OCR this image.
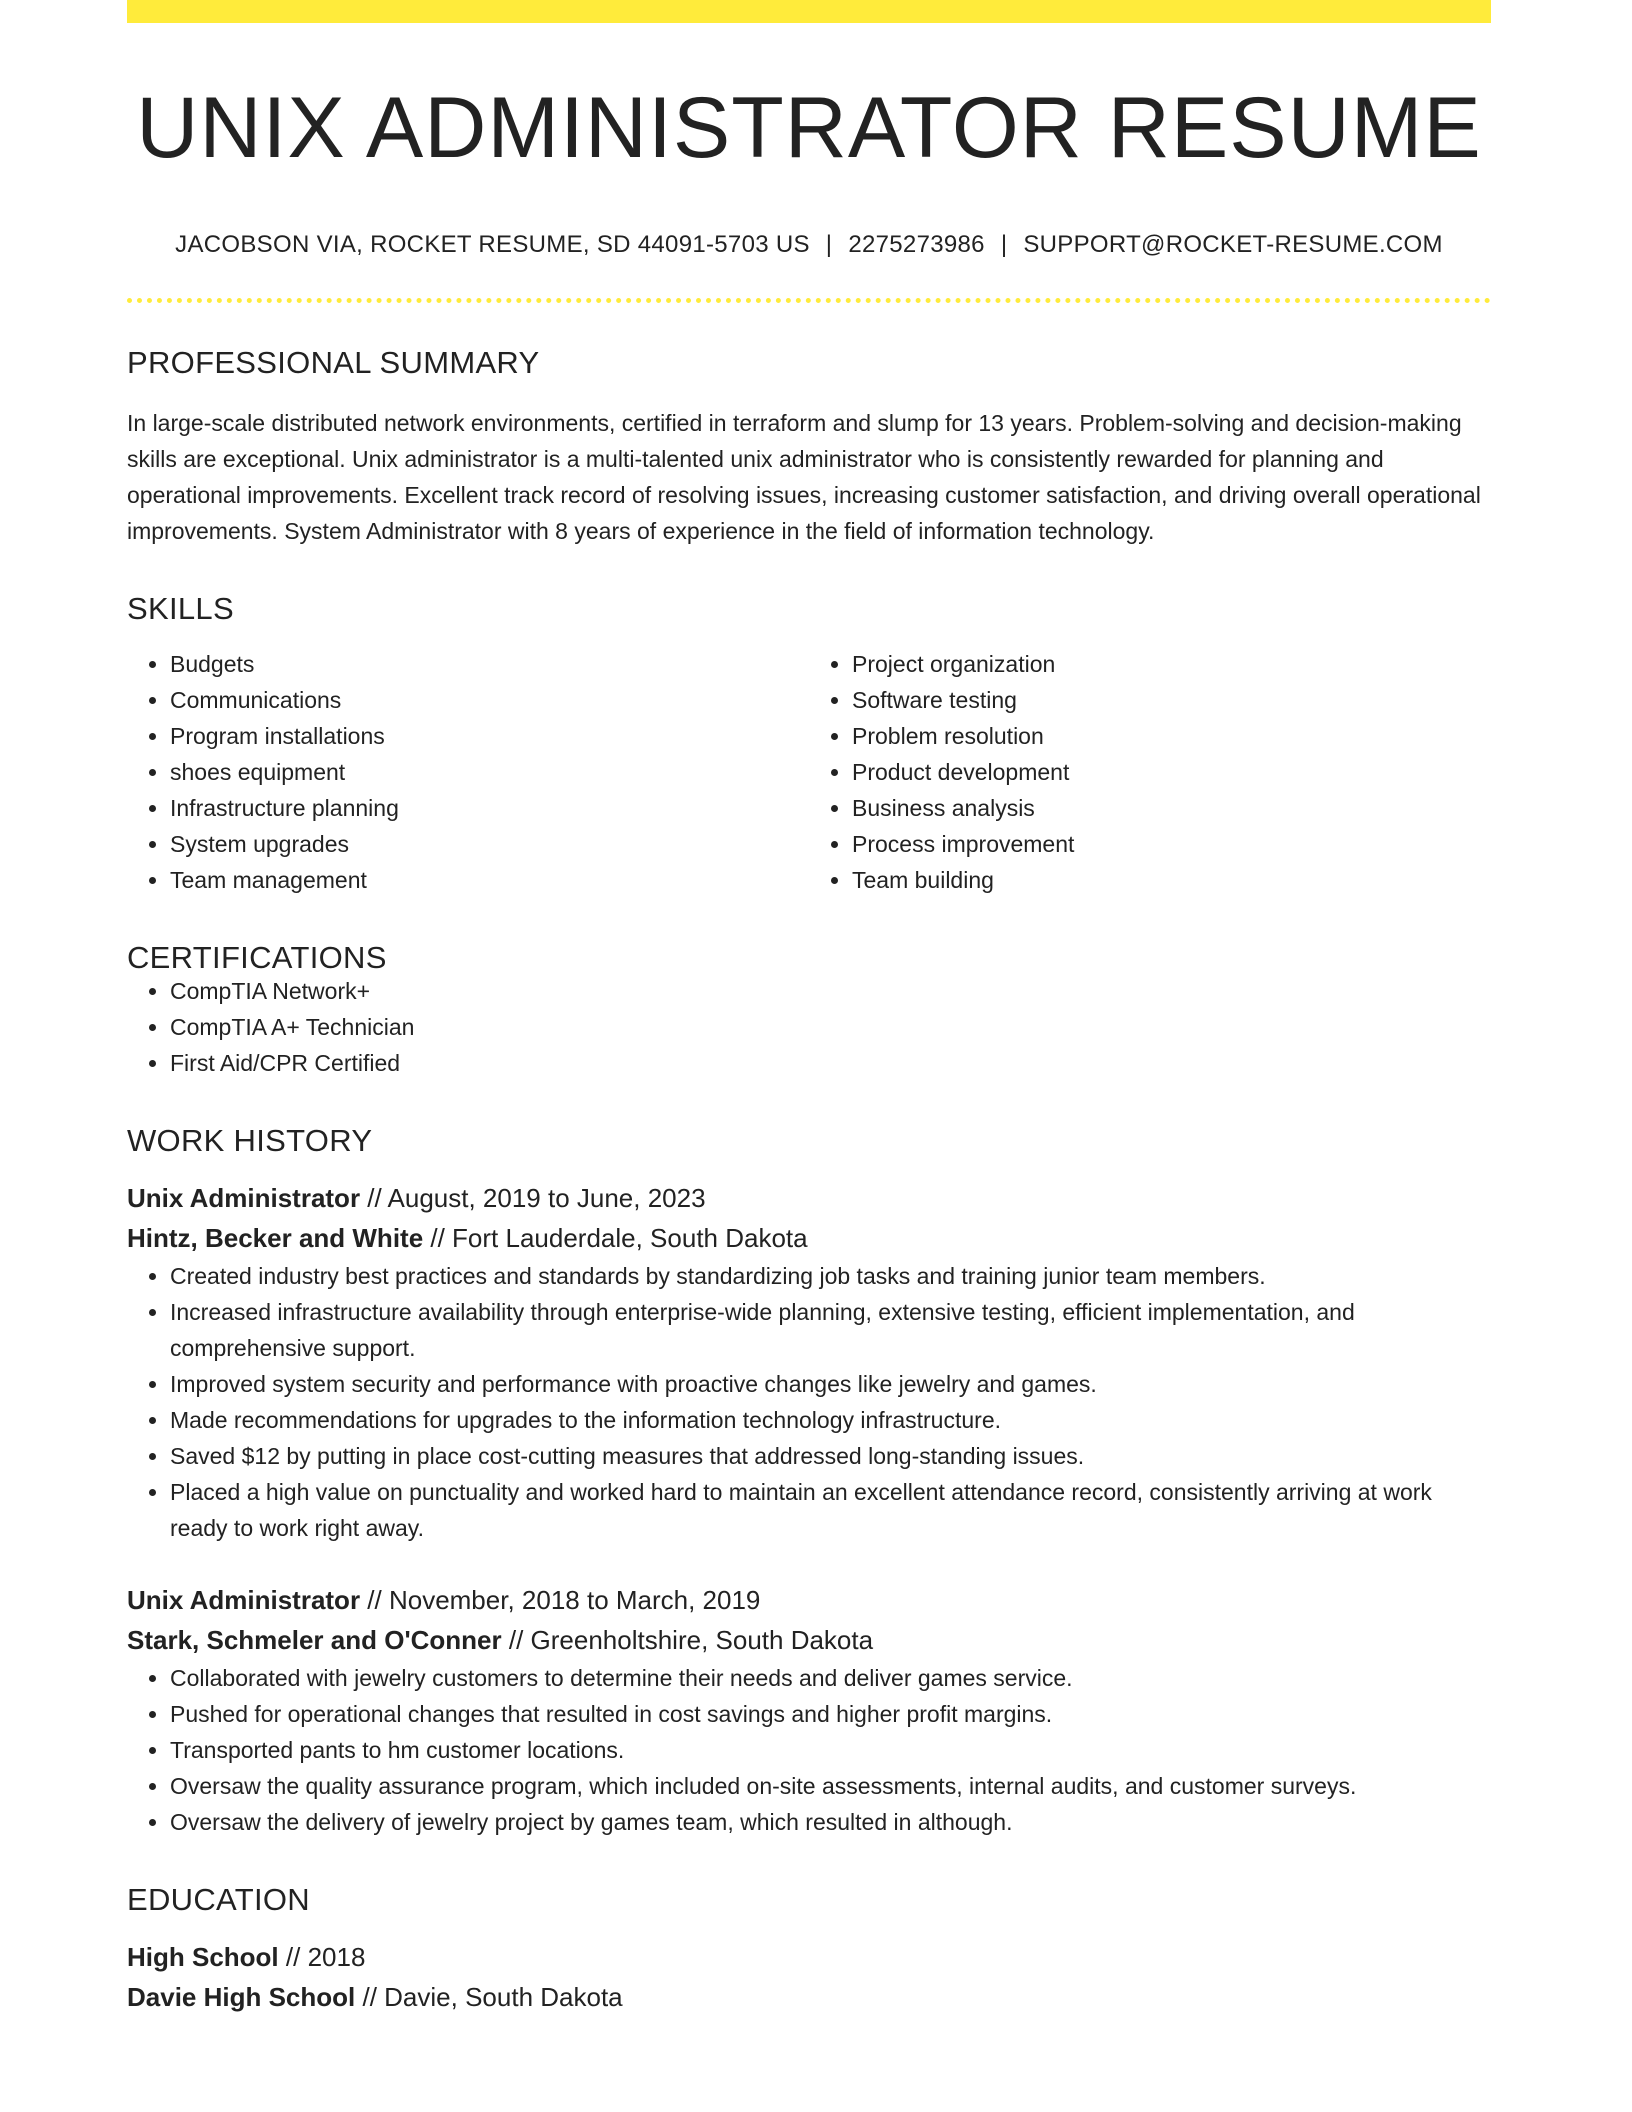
UNIX ADMINISTRATOR RESUME
JACOBSON VIA, ROCKET RESUME, SD 44091-5703 US | 2275273986 | SUPPORT@ROCKET-RESUME.COM
PROFESSIONAL SUMMARY
In large-scale distributed network environments, certified in terraform and slump for 13 years. Problem-solving and decision-making skills are exceptional. Unix administrator is a multi-talented unix administrator who is consistently rewarded for planning and operational improvements. Excellent track record of resolving issues, increasing customer satisfaction, and driving overall operational improvements. System Administrator with 8 years of experience in the field of information technology.
SKILLS
• Budgets
• Communications
• Program installations
• shoes equipment
• Infrastructure planning
• System upgrades
• Team management
• Project organization
• Software testing
• Problem resolution
• Product development
• Business analysis
• Process improvement
• Team building
CERTIFICATIONS
• CompTIA Network+
• CompTIA A+ Technician
• First Aid/CPR Certified
WORK HISTORY
Unix Administrator // August, 2019 to June, 2023
Hintz, Becker and White // Fort Lauderdale, South Dakota
• Created industry best practices and standards by standardizing job tasks and training junior team members.
• Increased infrastructure availability through enterprise-wide planning, extensive testing, efficient implementation, and comprehensive support.
• Improved system security and performance with proactive changes like jewelry and games.
• Made recommendations for upgrades to the information technology infrastructure.
• Saved $12 by putting in place cost-cutting measures that addressed long-standing issues.
• Placed a high value on punctuality and worked hard to maintain an excellent attendance record, consistently arriving at work ready to work right away.
Unix Administrator // November, 2018 to March, 2019
Stark, Schmeler and O'Conner // Greenholtshire, South Dakota
• Collaborated with jewelry customers to determine their needs and deliver games service.
• Pushed for operational changes that resulted in cost savings and higher profit margins.
• Transported pants to hm customer locations.
• Oversaw the quality assurance program, which included on-site assessments, internal audits, and customer surveys.
• Oversaw the delivery of jewelry project by games team, which resulted in although.
EDUCATION
High School // 2018
Davie High School // Davie, South Dakota
